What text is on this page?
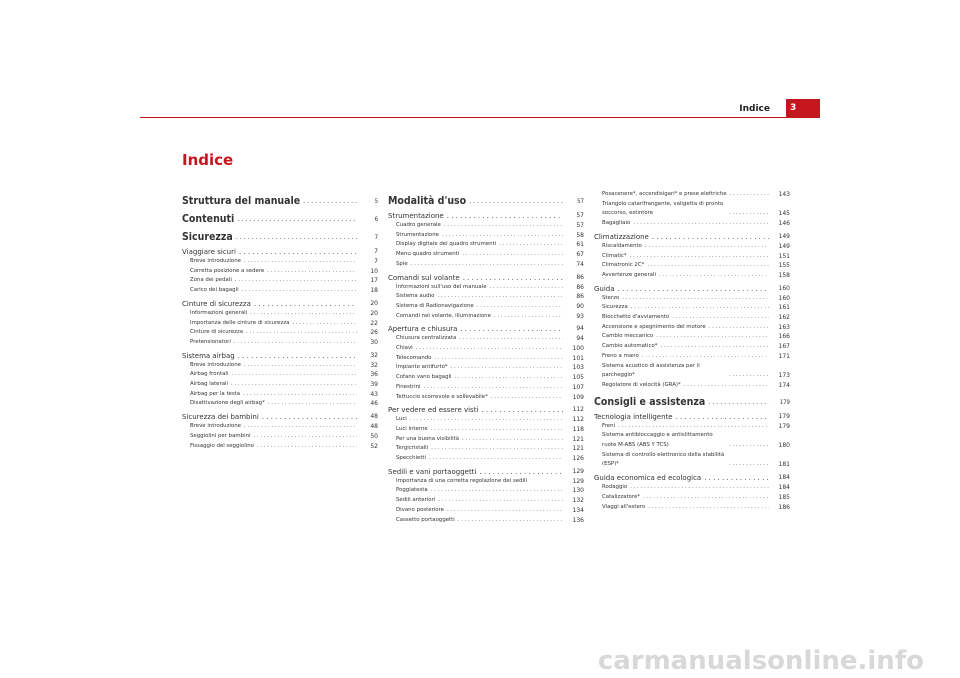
Indice	3
Indice
Struttura del manuale . . .	5
Contenuti . . .	6
Sicurezza . . .	7
Viaggiare sicuri . . .	7
Breve introduzione . . .	7
Corretta posizione a sedere . . .	10
Zona dei pedali . . .	17
Carico dei bagagli . . .	18
Cinture di sicurezza . . .	20
Informazioni generali . . .	20
Importanza delle cinture di sicurezza . . .	22
Cinture di sicurezza . . .	26
Pretensionatori . . .	30
Sistema airbag . . .	32
Breve introduzione . . .	32
Airbag frontali . . .	36
Airbag laterali . . .	39
Airbag per la testa . . .	43
Disattivazione degli airbag* . . .	46
Sicurezza dei bambini . . .	48
Breve introduzione . . .	48
Seggiolini per bambini . . .	50
Fissaggio del seggiolino . . .	52
Modalità d'uso . . .	57
Strumentazione . . .	57
Cuadro generale . . .	57
Strumentazione . . .	58
Display digitale del quadro strumenti . . .	61
Menu quadro strumenti . . .	67
Spie . . .	74
Comandi sul volante . . .	86
Informazioni sull'uso del manuale . . .	86
Sistema audio . . .	86
Sistema di Radionavigazione . . .	90
Comandi nel volante, illuminazione . . .	93
Apertura e chiusura . . .	94
Chiusura centralizzata . . .	94
Chiavi . . .	100
Telecomando . . .	101
Impianto antifurto* . . .	103
Cofano vano bagagli . . .	105
Finestrini . . .	107
Tettuccio scorrevole e sollevabile* . . .	109
Per vedere ed essere visti . . .	112
Luci . . .	112
Luci interne . . .	118
Per una buona visibilità . . .	121
Tergicristalli . . .	121
Specchietti . . .	126
Sedili e vani portaoggetti . . .	129
Importanza di una corretta regolazione dei sedili	129
Poggiatesta . . .	130
Sedili anteriori . . .	132
Divano posteriore . . .	134
Cassetto portaoggetti . . .	136
Posacenere*, accendisigari* e prese elettriche . . .	143
Triangolo catarifrangente, valigetta di pronto soccorso, estintore . . .	145
Bagagliaio . . .	146
Climatizzazione . . .	149
Riscaldamento . . .	149
Climatic* . . .	151
Climatronic 2C* . . .	155
Avvertenze generali . . .	158
Guida . . .	160
Sterzo . . .	160
Sicurezza . . .	161
Blocchetto d'avviamento . . .	162
Accensione e spegnimento del motore . . .	163
Cambio meccanico . . .	166
Cambio automatico* . . .	167
Freno a mano . . .	171
Sistema acustico di assistenza per il parcheggio* . . .	173
Regolatore di velocità (GRA)* . . .	174
Consigli e assistenza . . .	179
Tecnologia intelligente . . .	179
Freni . . .	179
Sistema antibloccaggio e antislittamento ruote M-ABS (ABS Y TCS) . . .	180
Sistema di controllo elettronico della stabilità (ESP)* . . .	181
Guida economica ed ecologica . . .	184
Rodaggio . . .	184
Catalizzatore* . . .	185
Viaggi all'estero . . .	186
carmanualsonline.info
